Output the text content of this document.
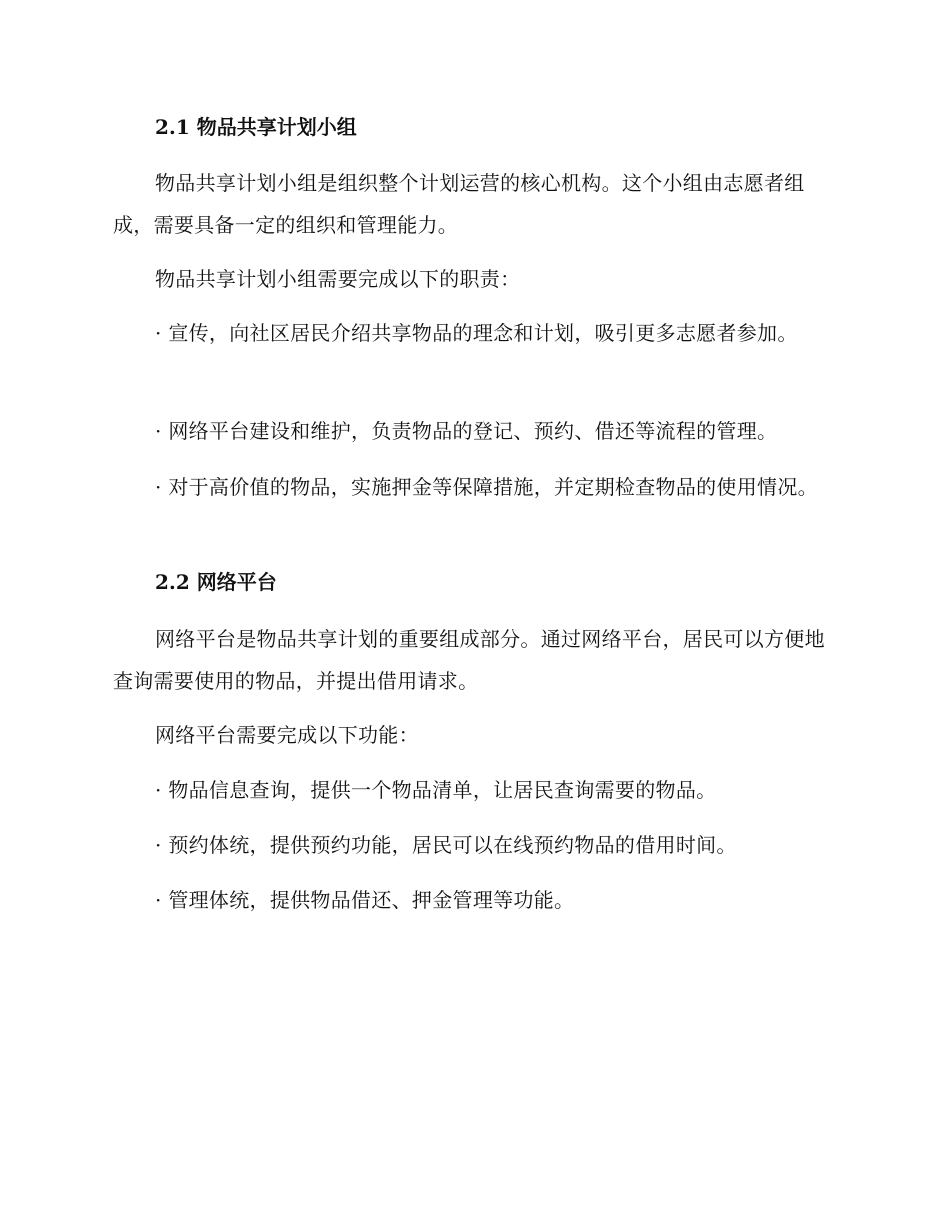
2.1 物品共享计划小组
物品共享计划小组是组织整个计划运营的核心机构。这个小组由志愿者组成，需要具备一定的组织和管理能力。
物品共享计划小组需要完成以下的职责：
· 宣传，向社区居民介绍共享物品的理念和计划，吸引更多志愿者参加。
· 网络平台建设和维护，负责物品的登记、预约、借还等流程的管理。
· 对于高价值的物品，实施押金等保障措施，并定期检查物品的使用情况。
2.2 网络平台
网络平台是物品共享计划的重要组成部分。通过网络平台，居民可以方便地查询需要使用的物品，并提出借用请求。
网络平台需要完成以下功能：
· 物品信息查询，提供一个物品清单，让居民查询需要的物品。
· 预约体统，提供预约功能，居民可以在线预约物品的借用时间。
· 管理体统，提供物品借还、押金管理等功能。
